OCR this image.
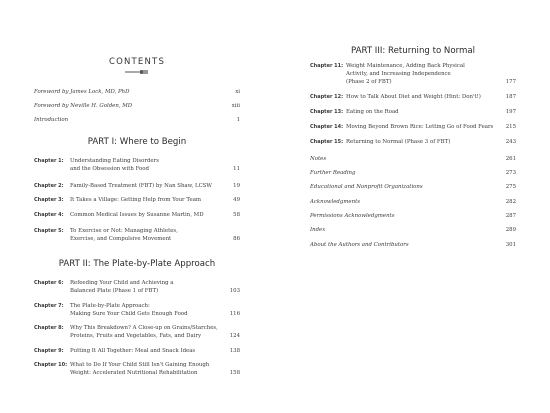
CONTENTS
Foreword by James Lock, MD, PhD	xi
Foreword by Neville H. Golden, MD	xiii
Introduction	1
PART I: Where to Begin
Chapter 1: Understanding Eating Disorders
and the Obsession with Food	11
Chapter 2: Family-Based Treatment (FBT) by Nan Shaw, LCSW	19
Chapter 3: It Takes a Village: Getting Help from Your Team	49
Chapter 4: Common Medical Issues by Susanne Martin, MD	58
Chapter 5: To Exercise or Not: Managing Athletes,
Exercise, and Compulsive Movement	86
PART II: The Plate-by-Plate Approach
Chapter 6: Refeeding Your Child and Achieving a
Balanced Plate (Phase 1 of FBT)	103
Chapter 7: The Plate-by-Plate Approach:
Making Sure Your Child Gets Enough Food	116
Chapter 8: Why This Breakdown? A Close-up on Grains/Starches,
Proteins, Fruits and Vegetables, Fats, and Dairy	124
Chapter 9: Putting It All Together: Meal and Snack Ideas	138
Chapter 10: What to Do If Your Child Still Isn't Gaining Enough
Weight: Accelerated Nutritional Rehabilitation	158
PART III: Returning to Normal
Chapter 11: Weight Maintenance, Adding Back Physical
Activity, and Increasing Independence
(Phase 2 of FBT)	177
Chapter 12: How to Talk About Diet and Weight (Hint: Don't!)	187
Chapter 13: Eating on the Road	197
Chapter 14: Moving Beyond Brown Rice: Letting Go of Food Fears	215
Chapter 15: Returning to Normal (Phase 3 of FBT)	243
Notes	261
Further Reading	273
Educational and Nonprofit Organizations	275
Acknowledgments	282
Permissions Acknowledgments	287
Index	289
About the Authors and Contributors	301
